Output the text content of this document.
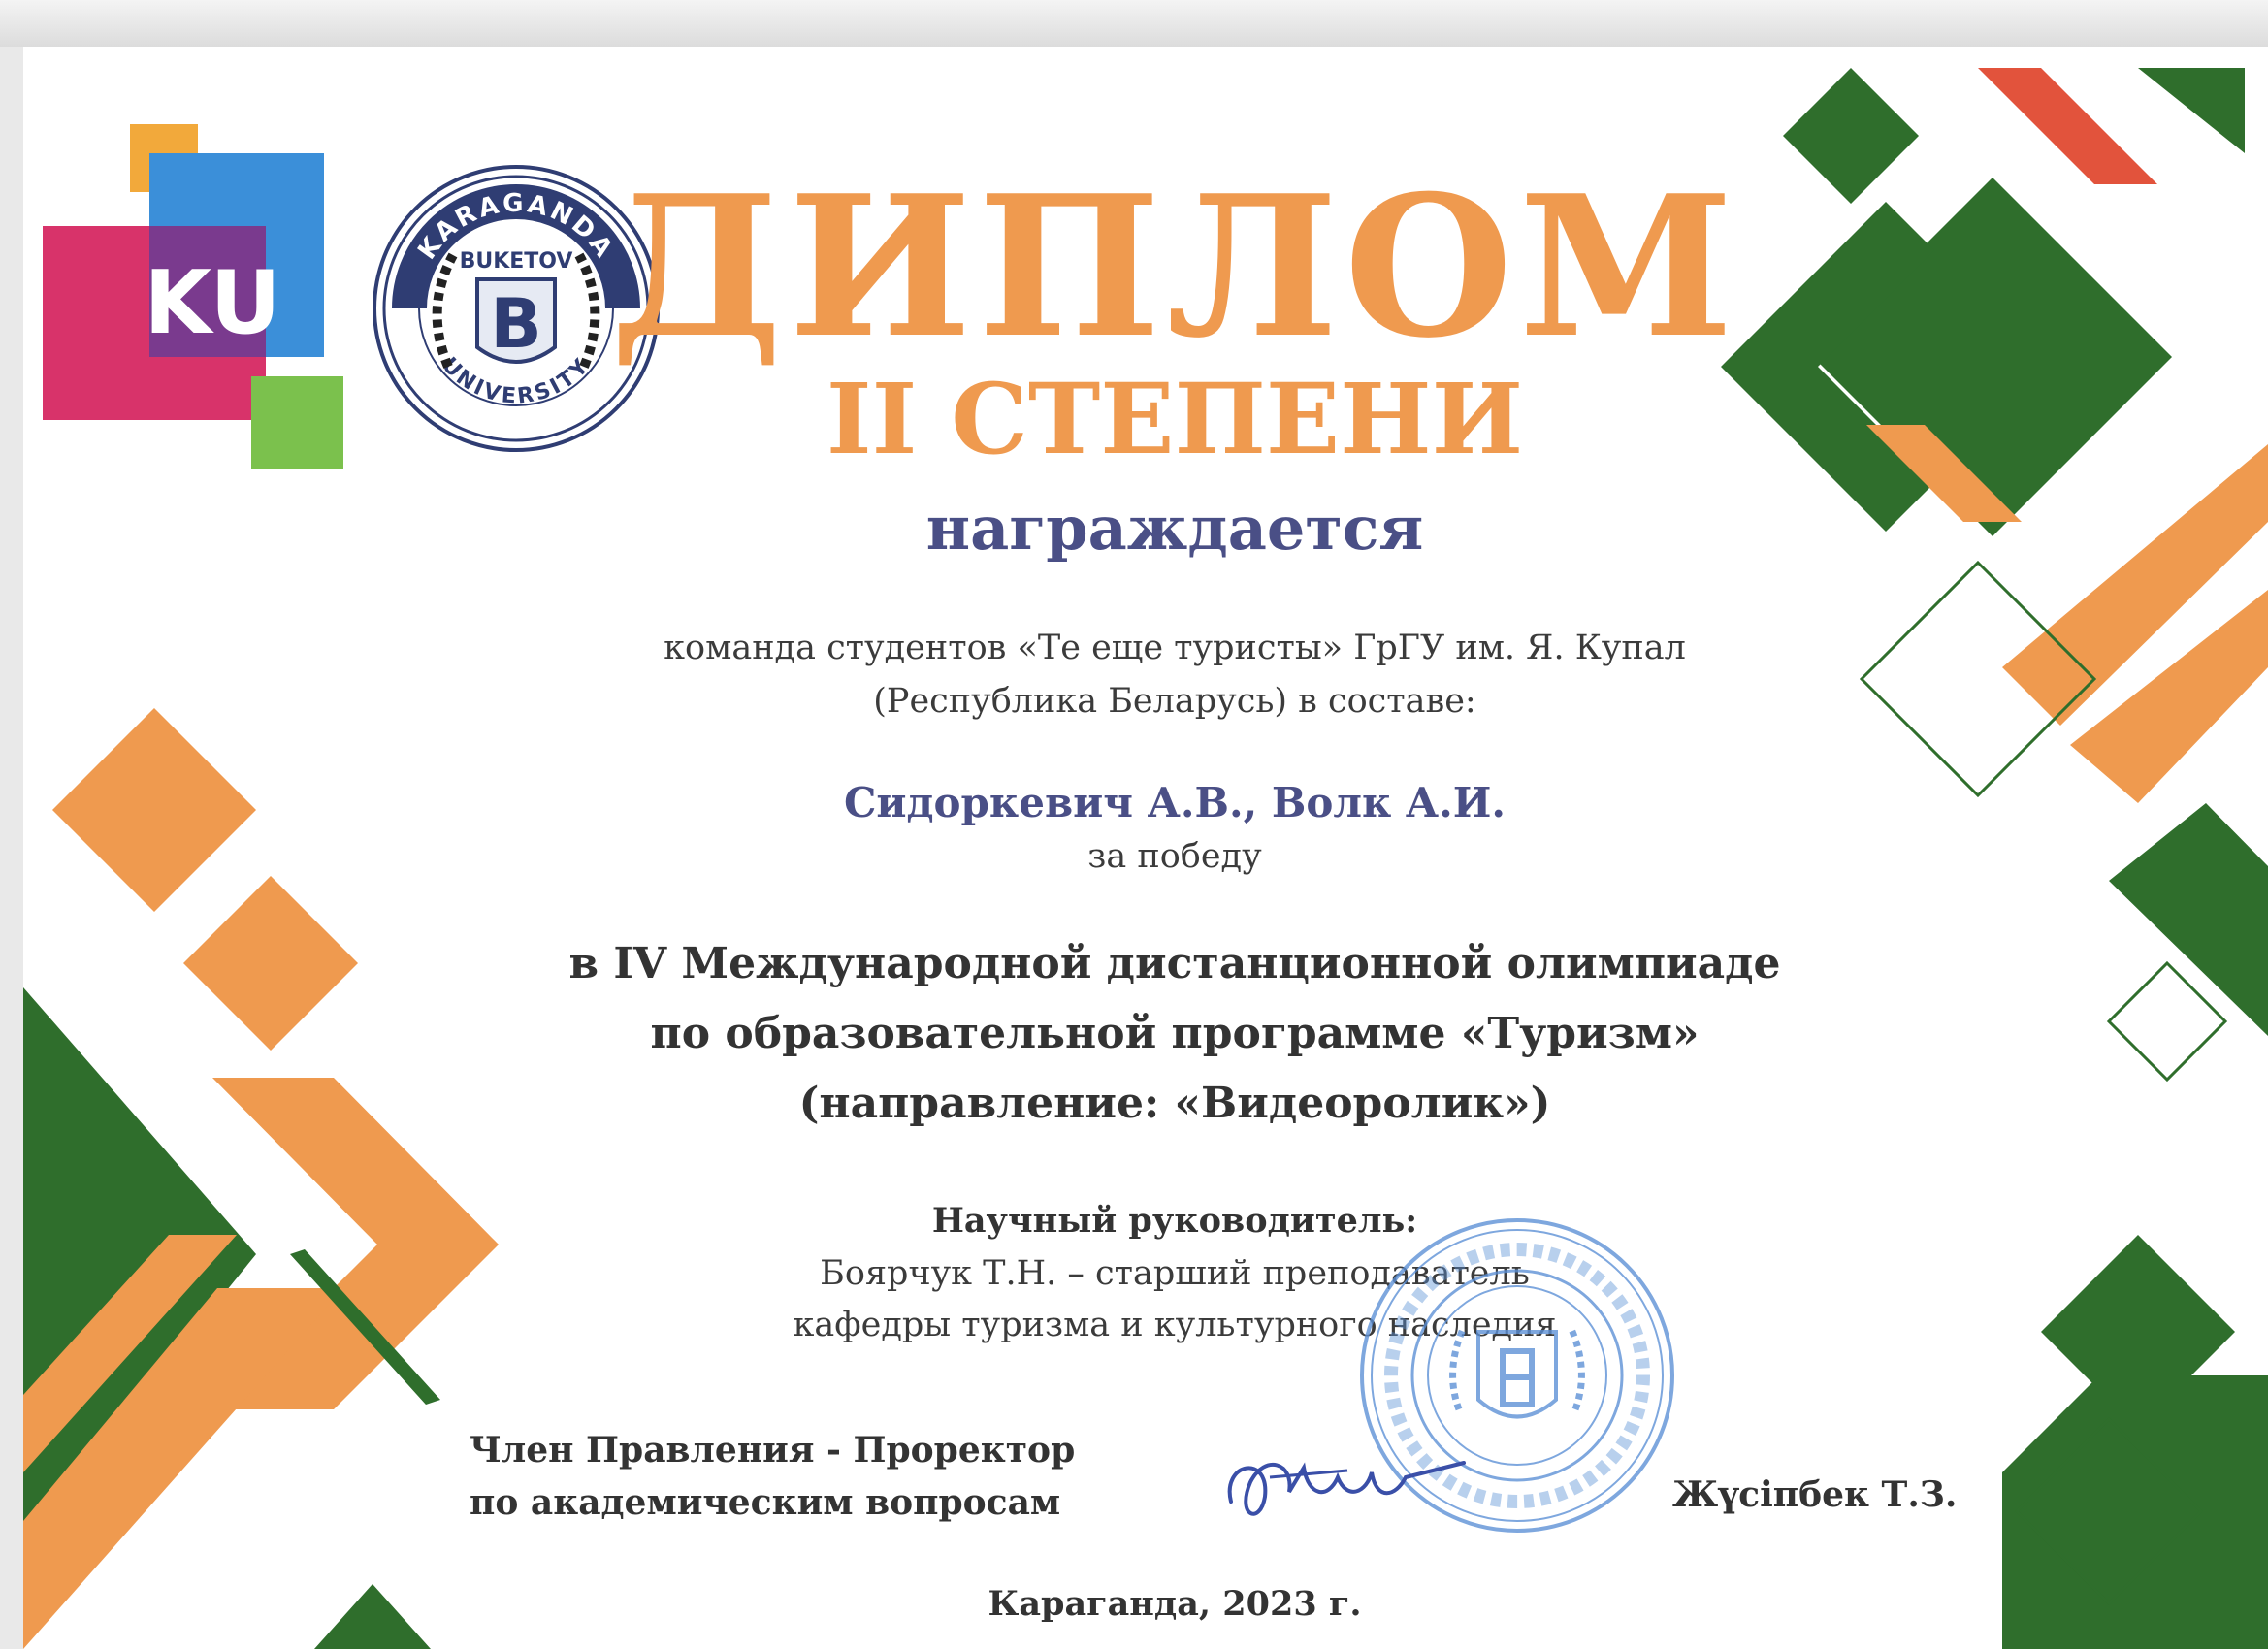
KU
KARAGANDA
UNIVERSITY
BUKETOV
B ДИПЛОМ
II СТЕПЕНИ
награждается
команда студентов «Те еще туристы» ГрГУ им. Я. Купал
(Республика Беларусь) в составе:
Сидоркевич А.В., Волк А.И.
за победу
в IV Международной дистанционной олимпиаде
по образовательной программе «Туризм»
(направление: «Видеоролик»)
Научный руководитель:
Боярчук Т.Н. – старший преподаватель
кафедры туризма и культурного наследия
Член Правления - Проректор
по академическим вопросам	Жүсіпбек Т.З.
Караганда, 2023 г.
